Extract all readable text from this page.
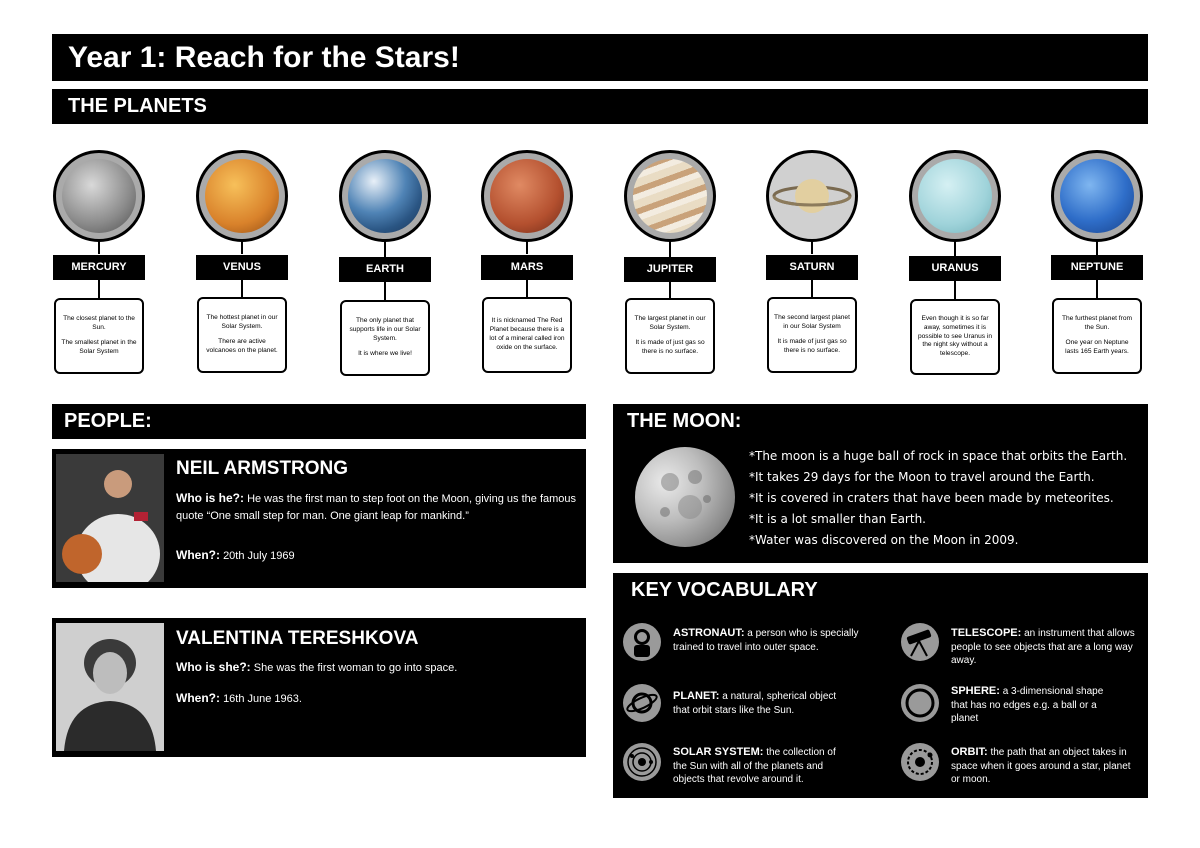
Year 1: Reach for the Stars!
THE PLANETS
MERCURY

The closest planet to the Sun.

The smallest planet in the Solar System

VENUS

The hottest planet in our Solar System.

There are active volcanoes on the planet.

EARTH

The only planet that supports life in our Solar System.

It is where we live!

MARS

It is nicknamed The Red Planet because there is a lot of a mineral called iron oxide on the surface.

JUPITER

The largest planet in our Solar System.

It is made of just gas so there is no surface.

SATURN

The second largest planet in our Solar System

It is made of just gas so there is no surface.

URANUS

Even though it is so far away, sometimes it is possible to see Uranus in the night sky without a telescope.

NEPTUNE

The furthest planet from the Sun.

One year on Neptune lasts 165 Earth years.

PEOPLE:
NEIL ARMSTRONG
Who is he?: He was the first man to step foot on the Moon, giving us the famous quote “One small step for man. One giant leap for mankind.”
When?: 20th July 1969
VALENTINA TERESHKOVA
Who is she?: She was the first woman to go into space.
When?: 16th June 1963.
THE MOON:
*The moon is a huge ball of rock in space that orbits the Earth.
*It takes 29 days for the Moon to travel around the Earth.
*It is covered in craters that have been made by meteorites.
*It is a lot smaller than Earth.
*Water was discovered on the Moon in 2009.
KEY VOCABULARY
ASTRONAUT: a person who is specially trained to travel into outer space.
TELESCOPE: an instrument that allows people to see objects that are a long way away.
PLANET: a natural, spherical object that orbit stars like the Sun.
SPHERE: a 3-dimensional shape that has no edges e.g. a ball or a planet
SOLAR SYSTEM: the collection of the Sun with all of the planets and objects that revolve around it.
ORBIT: the path that an object takes in space when it goes around a star, planet or moon.
